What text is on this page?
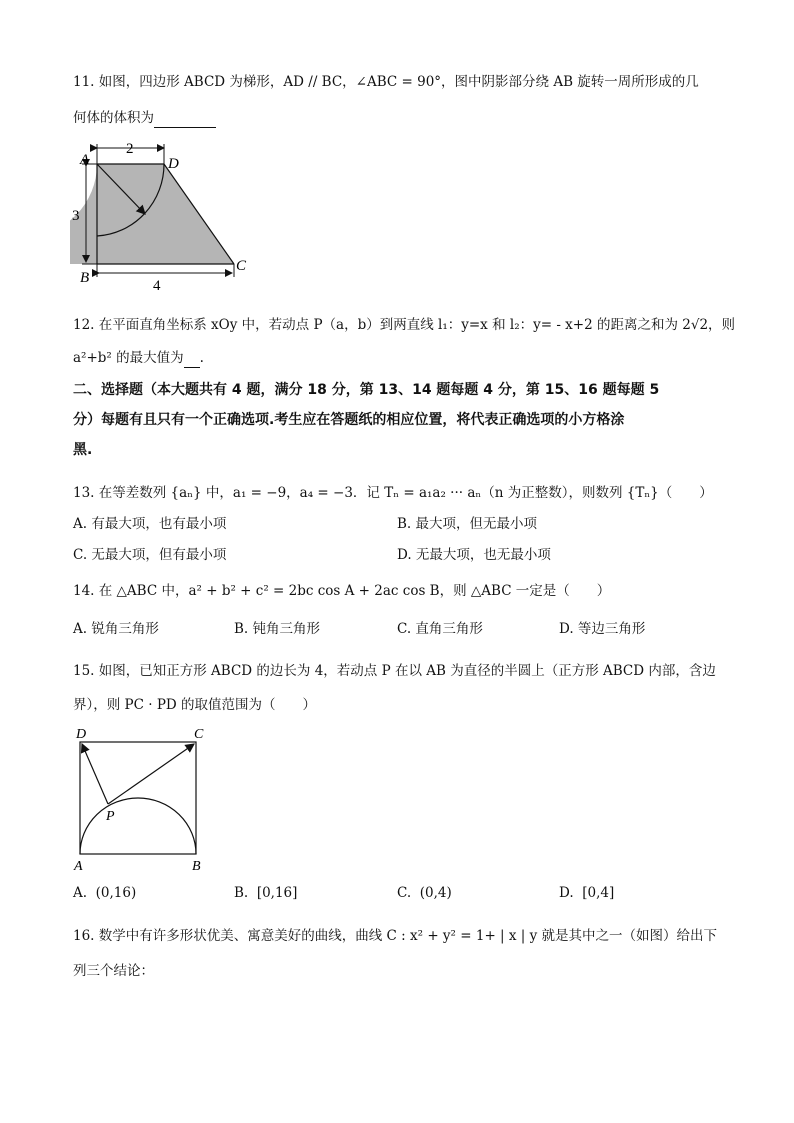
11. 如图，四边形 ABCD 为梯形，AD // BC，∠ABC = 90°，图中阴影部分绕 AB 旋转一周所形成的几
何体的体积为
A	D
B
C
2
3
4
12. 在平面直角坐标系 xOy 中，若动点 P（a，b）到两直线 l₁：y=x 和 l₂：y= - x+2 的距离之和为 2√2，则
a²+b² 的最大值为 .
二、选择题（本大题共有 4 题，满分 18 分，第 13、14 题每题 4 分，第 15、16 题每题 5
分）每题有且只有一个正确选项.考生应在答题纸的相应位置，将代表正确选项的小方格涂
黑.
13. 在等差数列 {aₙ} 中，a₁ = −9，a₄ = −3．记 Tₙ = a₁a₂ ··· aₙ（n 为正整数），则数列 {Tₙ}（　　）
A. 有最大项，也有最小项	B. 最大项，但无最小项
C. 无最大项，但有最小项	D. 无最大项，也无最小项
14. 在 △ABC 中，a² + b² + c² = 2bc cos A + 2ac cos B，则 △ABC 一定是（　　）
A. 锐角三角形	B. 钝角三角形	C. 直角三角形	D. 等边三角形
15. 如图，已知正方形 ABCD 的边长为 4，若动点 P 在以 AB 为直径的半圆上（正方形 ABCD 内部，含边
界），则 PC · PD 的取值范围为（　　）
D	C
A	B
P
A. (0,16)	B. [0,16]	C. (0,4)	D. [0,4]
16. 数学中有许多形状优美、寓意美好的曲线，曲线 C : x² + y² = 1+ | x | y 就是其中之一（如图）给出下
列三个结论：
